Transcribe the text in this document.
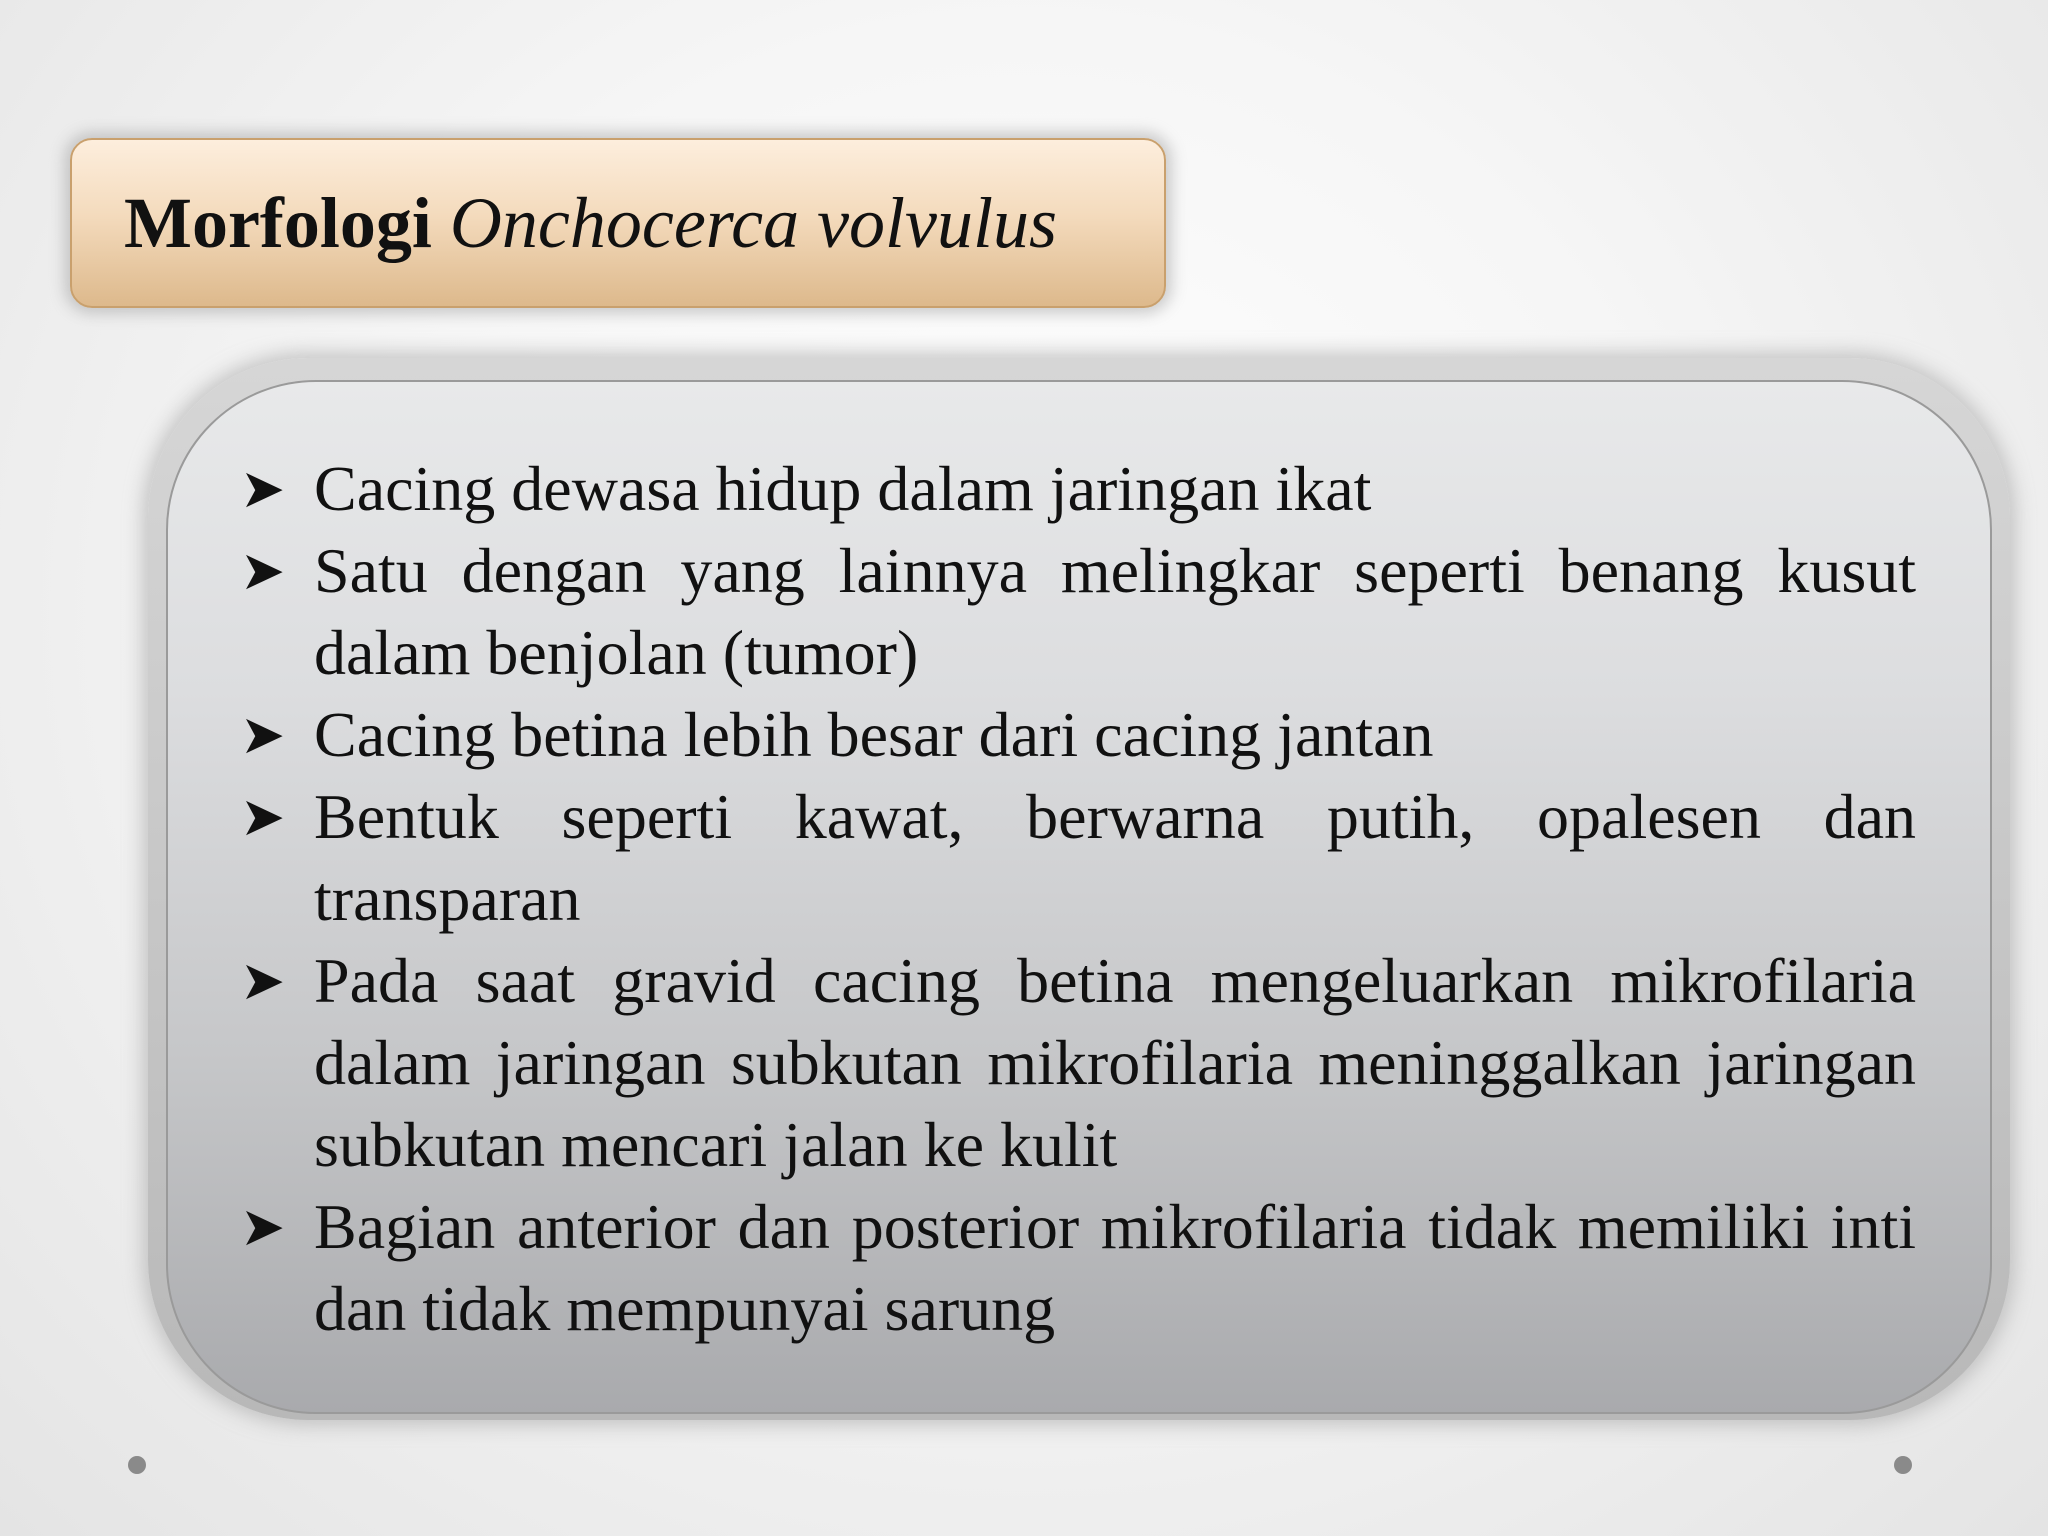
Morfologi Onchocerca volvulus
➤ Cacing dewasa hidup dalam jaringan ikat
➤ Satu dengan yang lainnya melingkar seperti benang kusut dalam benjolan (tumor)
➤ Cacing betina lebih besar dari cacing jantan
➤ Bentuk seperti kawat, berwarna putih, opalesen dan transparan
➤ Pada saat gravid cacing betina mengeluarkan mikrofilaria dalam jaringan subkutan mikrofilaria meninggalkan jaringan subkutan mencari jalan ke kulit
➤ Bagian anterior dan posterior mikrofilaria tidak memiliki inti dan tidak mempunyai sarung
